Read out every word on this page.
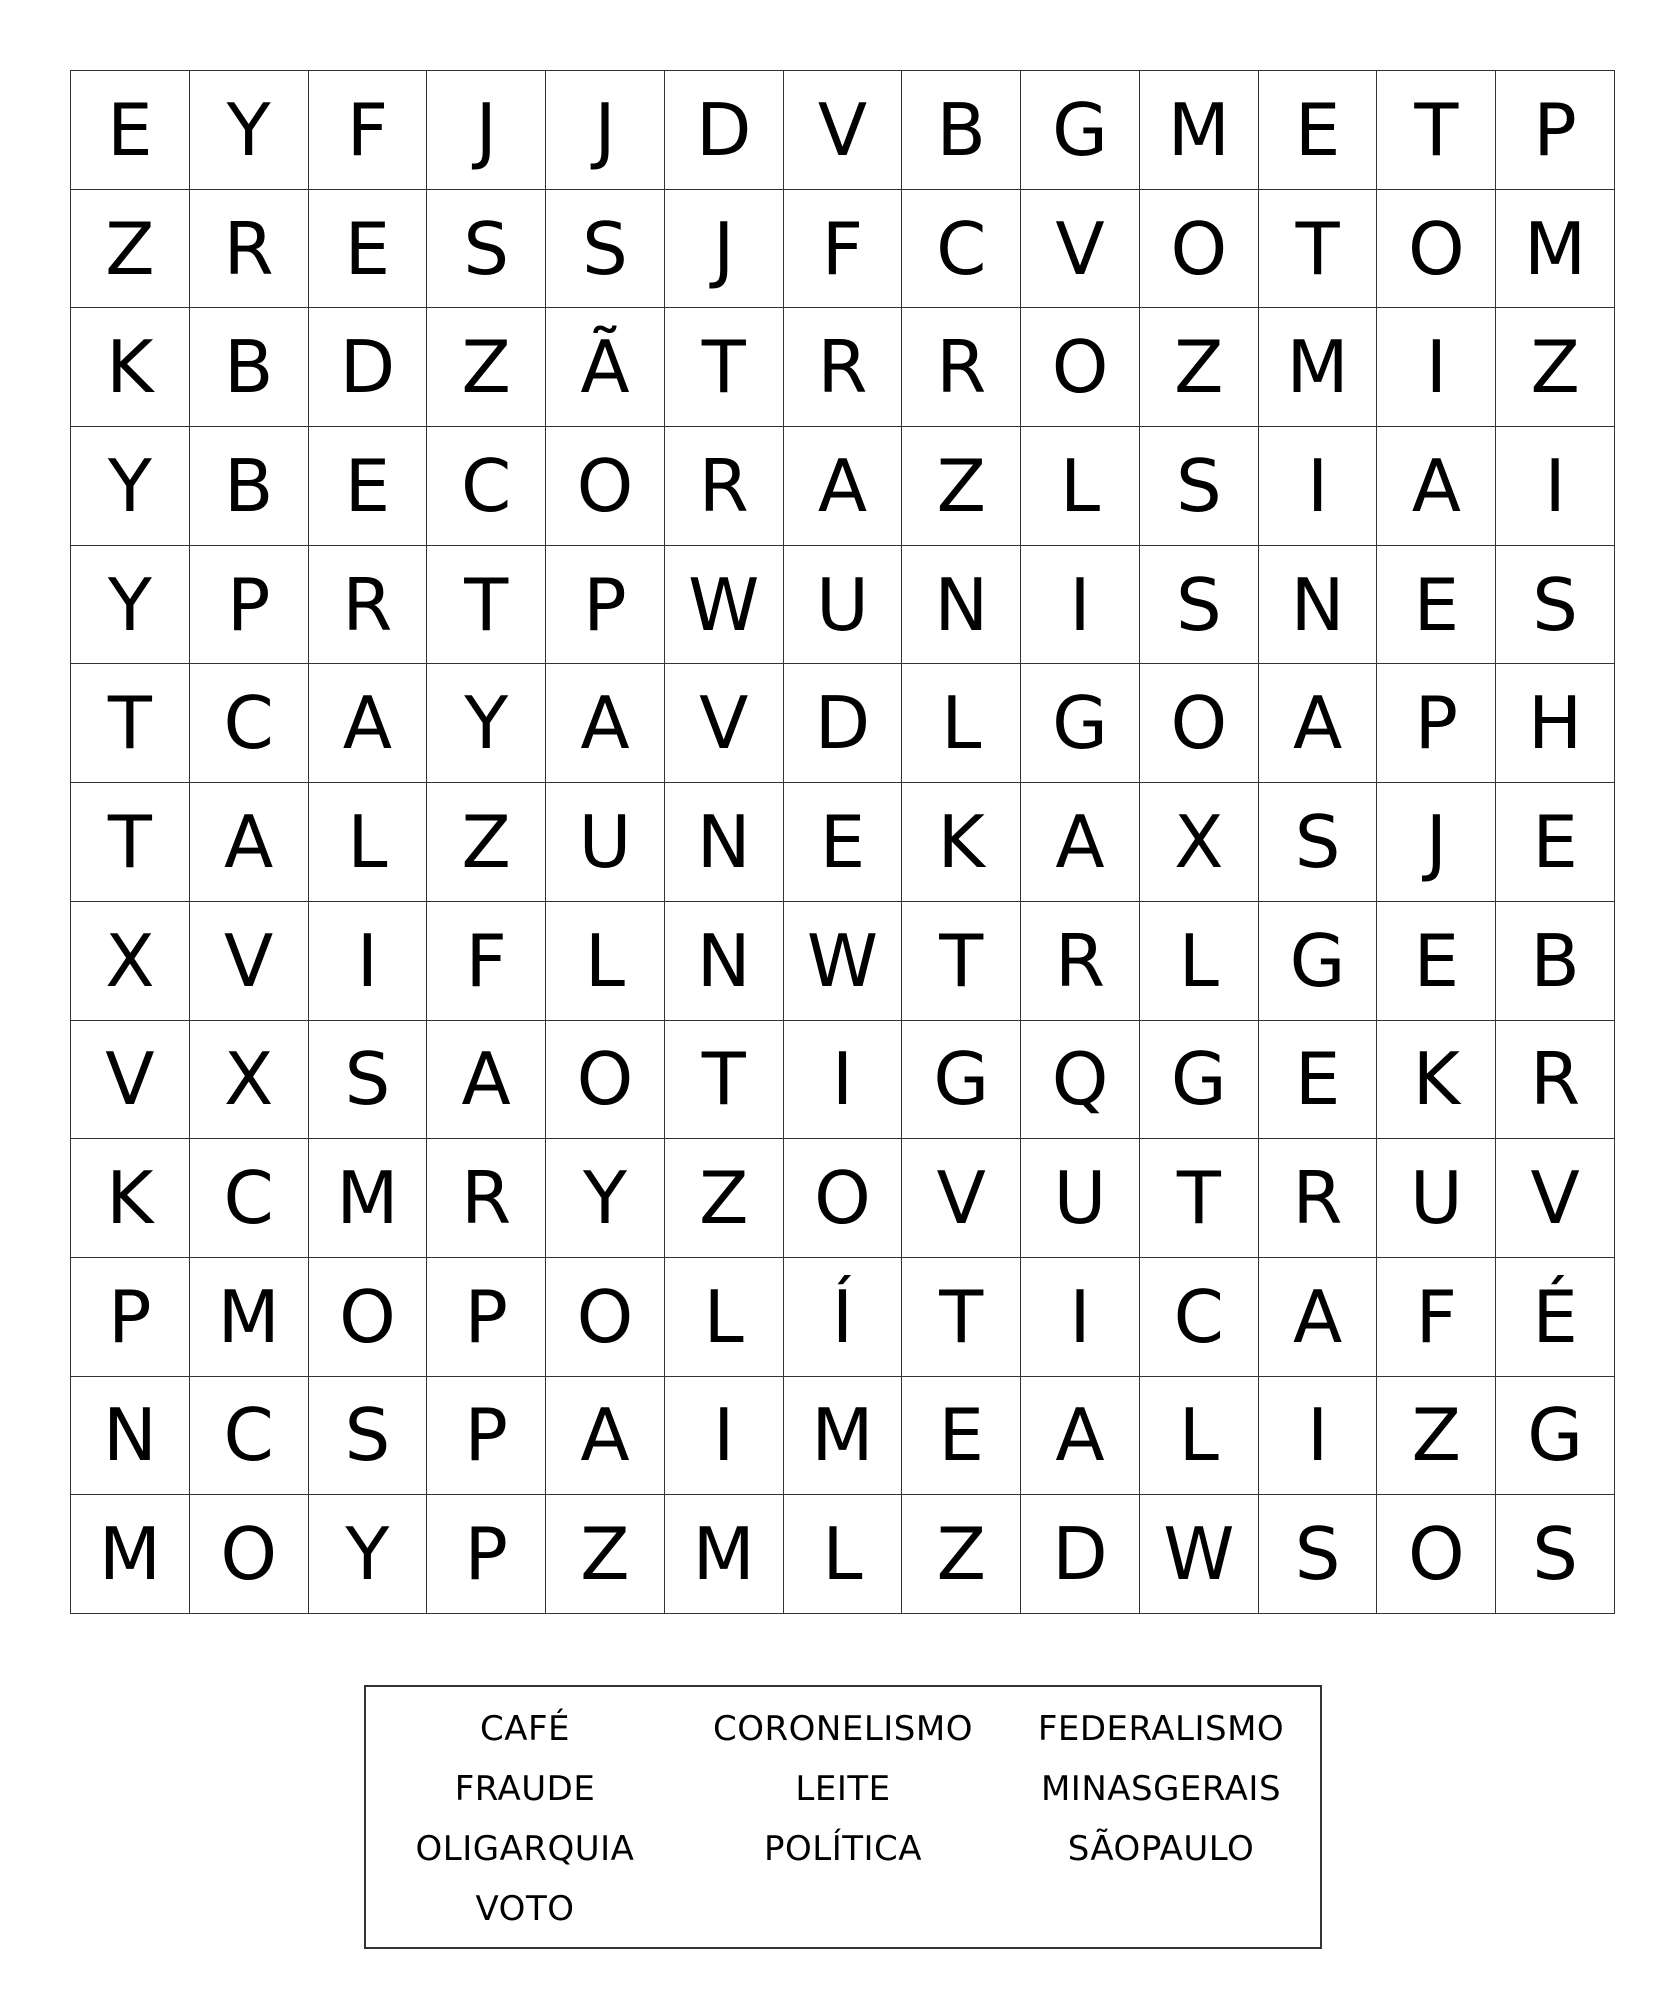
E	Y	F	J	J	D V B G M E	T	P
Z R E	S	S	J	F	C V O T O M
K B D Z Ã	T R R O Z M	I	Z
Y	B E C O R A Z	L	S	I	A	I
Y	P	R T	P W U N	I	S N E	S
T C A	Y	A V D L G O A	P H
T	A	L	Z U N E	K A X S	J	E
X V	I	F	L N W T R	L G E B
V X S A O T	I	G Q G E	K R
K C M R Y	Z O V U T R U V
P M O P O L	Í	T	I	C A	F	É
N C S	P	A	I	M E A	L	I	Z G
M O Y	P	Z M L	Z D W S O S
CAFÉ	CORONELISMO	FEDERALISMO
FRAUDE	LEITE	MINASGERAIS
OLIGARQUIA	POLÍTICA	SÃOPAULO
VOTO
